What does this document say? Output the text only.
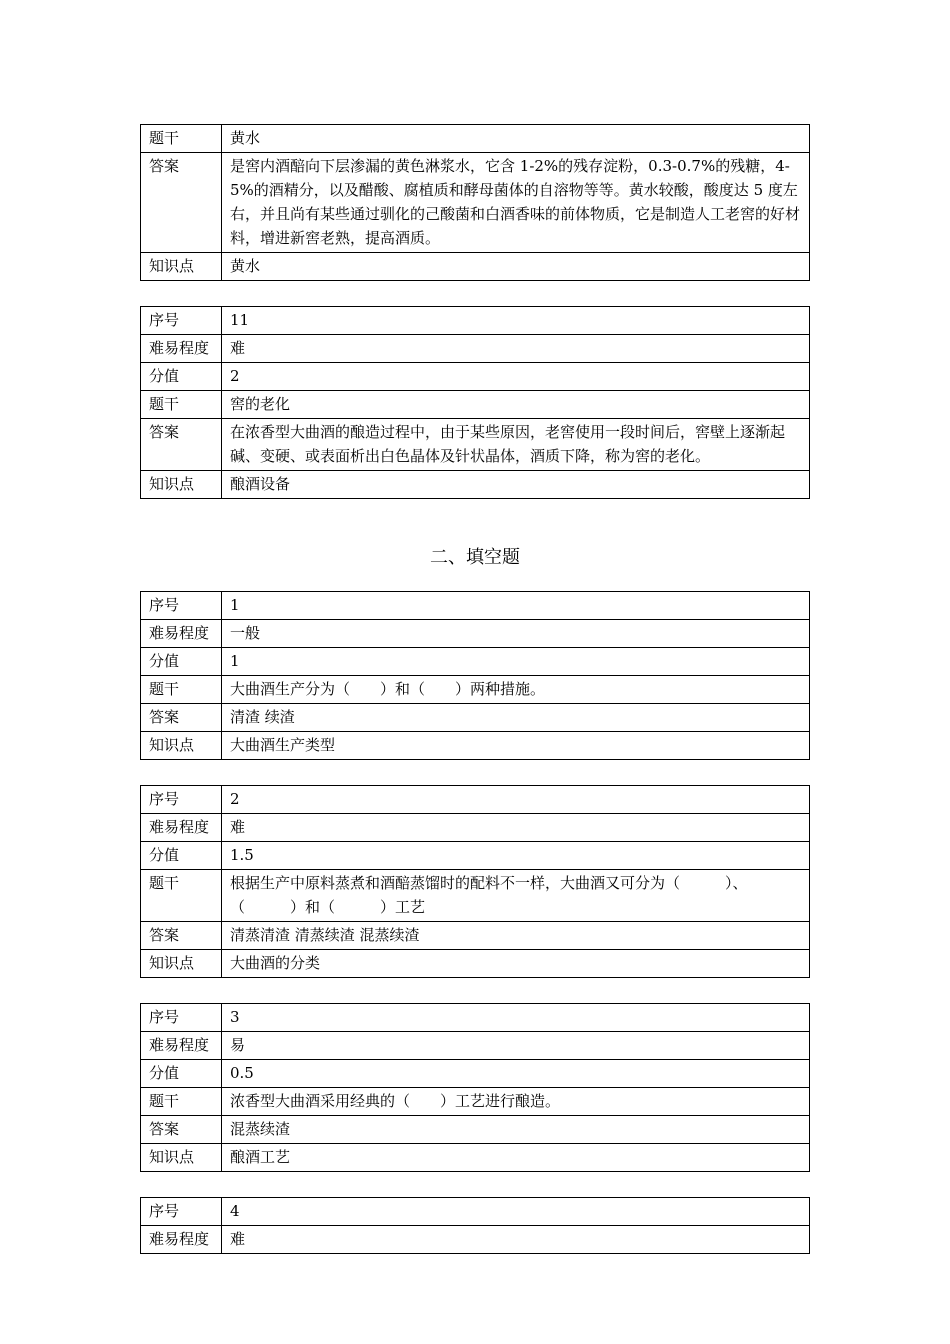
题干	黄水
答案	是窖内酒醅向下层渗漏的黄色淋浆水，它含 1-2%的残存淀粉，0.3-0.7%的残糖，4-5%的酒精分，以及醋酸、腐植质和酵母菌体的自溶物等等。黄水较酸，酸度达 5 度左右，并且尚有某些通过驯化的己酸菌和白酒香味的前体物质，它是制造人工老窖的好材料，增进新窖老熟，提高酒质。
知识点	黄水
序号	11
难易程度	难
分值	2
题干	窖的老化
答案	在浓香型大曲酒的酿造过程中，由于某些原因，老窖使用一段时间后，窖壁上逐渐起碱、变硬、或表面析出白色晶体及针状晶体，酒质下降，称为窖的老化。
知识点	酿酒设备
二、填空题
序号	1
难易程度	一般
分值	1
题干	大曲酒生产分为（　　）和（　　）两种措施。
答案	清渣 续渣
知识点	大曲酒生产类型
序号	2
难易程度	难
分值	1.5
题干	根据生产中原料蒸煮和酒醅蒸馏时的配料不一样，大曲酒又可分为（　　　）、（　　　）和（　　　）工艺
答案	清蒸清渣 清蒸续渣 混蒸续渣
知识点	大曲酒的分类
序号	3
难易程度	易
分值	0.5
题干	浓香型大曲酒采用经典的（　　）工艺进行酿造。
答案	混蒸续渣
知识点	酿酒工艺
序号	4
难易程度	难
